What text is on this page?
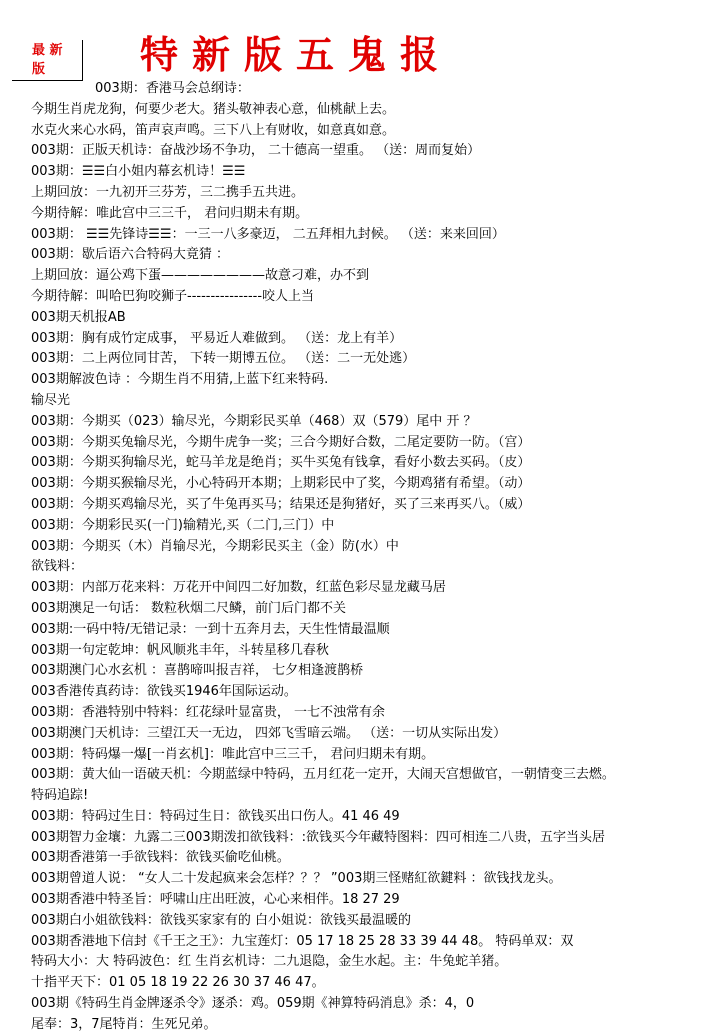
最 新
版 特新版五鬼报
003期：香港马会总纲诗：
今期生肖虎龙狗，何要少老大。猪头敬神表心意，仙桃献上去。
水克火来心水码，笛声哀声鸣。三下八上有财收，如意真如意。
003期：正版天机诗：奋战沙场不争功， 二十德高一望重。 （送：周而复始）
003期：☰☰白小姐内幕玄机诗！☰☰
上期回放：一九初开三芬芳，三二携手五共进。
今期待解：唯此宫中三三千， 君问归期未有期。
003期： ☰☰先锋诗☰☰：一三一八多豪迈， 二五拜相九封候。 （送：来来回回）
003期：歇后语六合特码大竟猜 ：
上期回放：逼公鸡下蛋————————故意刁难，办不到
今期待解：叫哈巴狗咬狮子----------------咬人上当
003期天机报AB
003期：胸有成竹定成事， 平易近人难做到。 （送：龙上有羊）
003期：二上两位同甘苦， 下转一期博五位。 （送：二一无处逃）
003期解波色诗 ：今期生肖不用猜,上蓝下红来特码.
输尽光
003期：今期买（023）输尽光，今期彩民买单（468）双（579）尾中 开 ？
003期：今期买兔输尽光，今期牛虎争一奖；三合今期好合数，二尾定要防一防。（宫）
003期：今期买狗输尽光，蛇马羊龙是绝肖；买牛买兔有钱拿，看好小数去买码。（皮）
003期：今期买猴输尽光，小心特码开本期；上期彩民中了奖，今期鸡猪有希望。（动）
003期：今期买鸡输尽光，买了牛兔再买马；结果还是狗猪好，买了三来再买八。（威）
003期：今期彩民买(一门)输精光,买（二门,三门）中
003期：今期买（木）肖输尽光，今期彩民买主（金）防(水）中
欲钱料：
003期：内部万花来料：万花开中间四二好加数，红蓝色彩尽显龙藏马居
003期澳足一句话： 数粒秋烟二尺鳞，前门后门都不关
003期:一码中特/无错记录：一到十五奔月去，天生性情最温顺
003期一句定乾坤：帆风顺兆丰年，斗转星移几春秋
003期澳门心水玄机 ：喜鹊啼叫报吉祥， 七夕相逢渡鹊桥
003香港传真药诗：欲钱买1946年国际运动。
003期：香港特别中特料：红花绿叶显富贵， 一七不浊常有余
003期澳门天机诗：三望江天一无边， 四郊飞雪暗云端。 （送：一切从实际出发）
003期：特码爆一爆[一肖玄机]：唯此宫中三三千， 君问归期未有期。
003期：黄大仙一语破天机：今期蓝绿中特码，五月红花一定开，大闹天宫想做官，一朝情变三去燃。
特码追踪!
003期：特码过生日：特码过生日：欲钱买出口伤人。41 46 49
003期智力金壤：九露二三003期泼扣欲钱料：:欲钱买今年藏特图料：四可相连二八贵，五字当头居
003期香港第一手欲钱料：欲钱买偷吃仙桃。
003期曾道人说： “女人二十发起疯来会怎样？？？ ”003期三怪赌紅欲鍵料 ：欲钱找龙头。
003期香港中特圣旨：呼啸山庄出旺波，心心来相伴。18 27 29
003期白小姐欲钱料：欲钱买家家有的 白小姐说：欲钱买最温暖的
003期香港地下信封《千王之王》：九宝莲灯：05 17 18 25 28 33 39 44 48。 特码单双：双
特码大小：大 特码波色：红 生肖玄机诗：二九退隐，金生水起。主：牛兔蛇羊猪。
十指平天下：01 05 18 19 22 26 30 37 46 47。
003期《特码生肖金牌逐杀令》逐杀：鸡。059期《神算特码消息》杀：4，0
尾奉：3，7尾特肖：生死兄弟。
